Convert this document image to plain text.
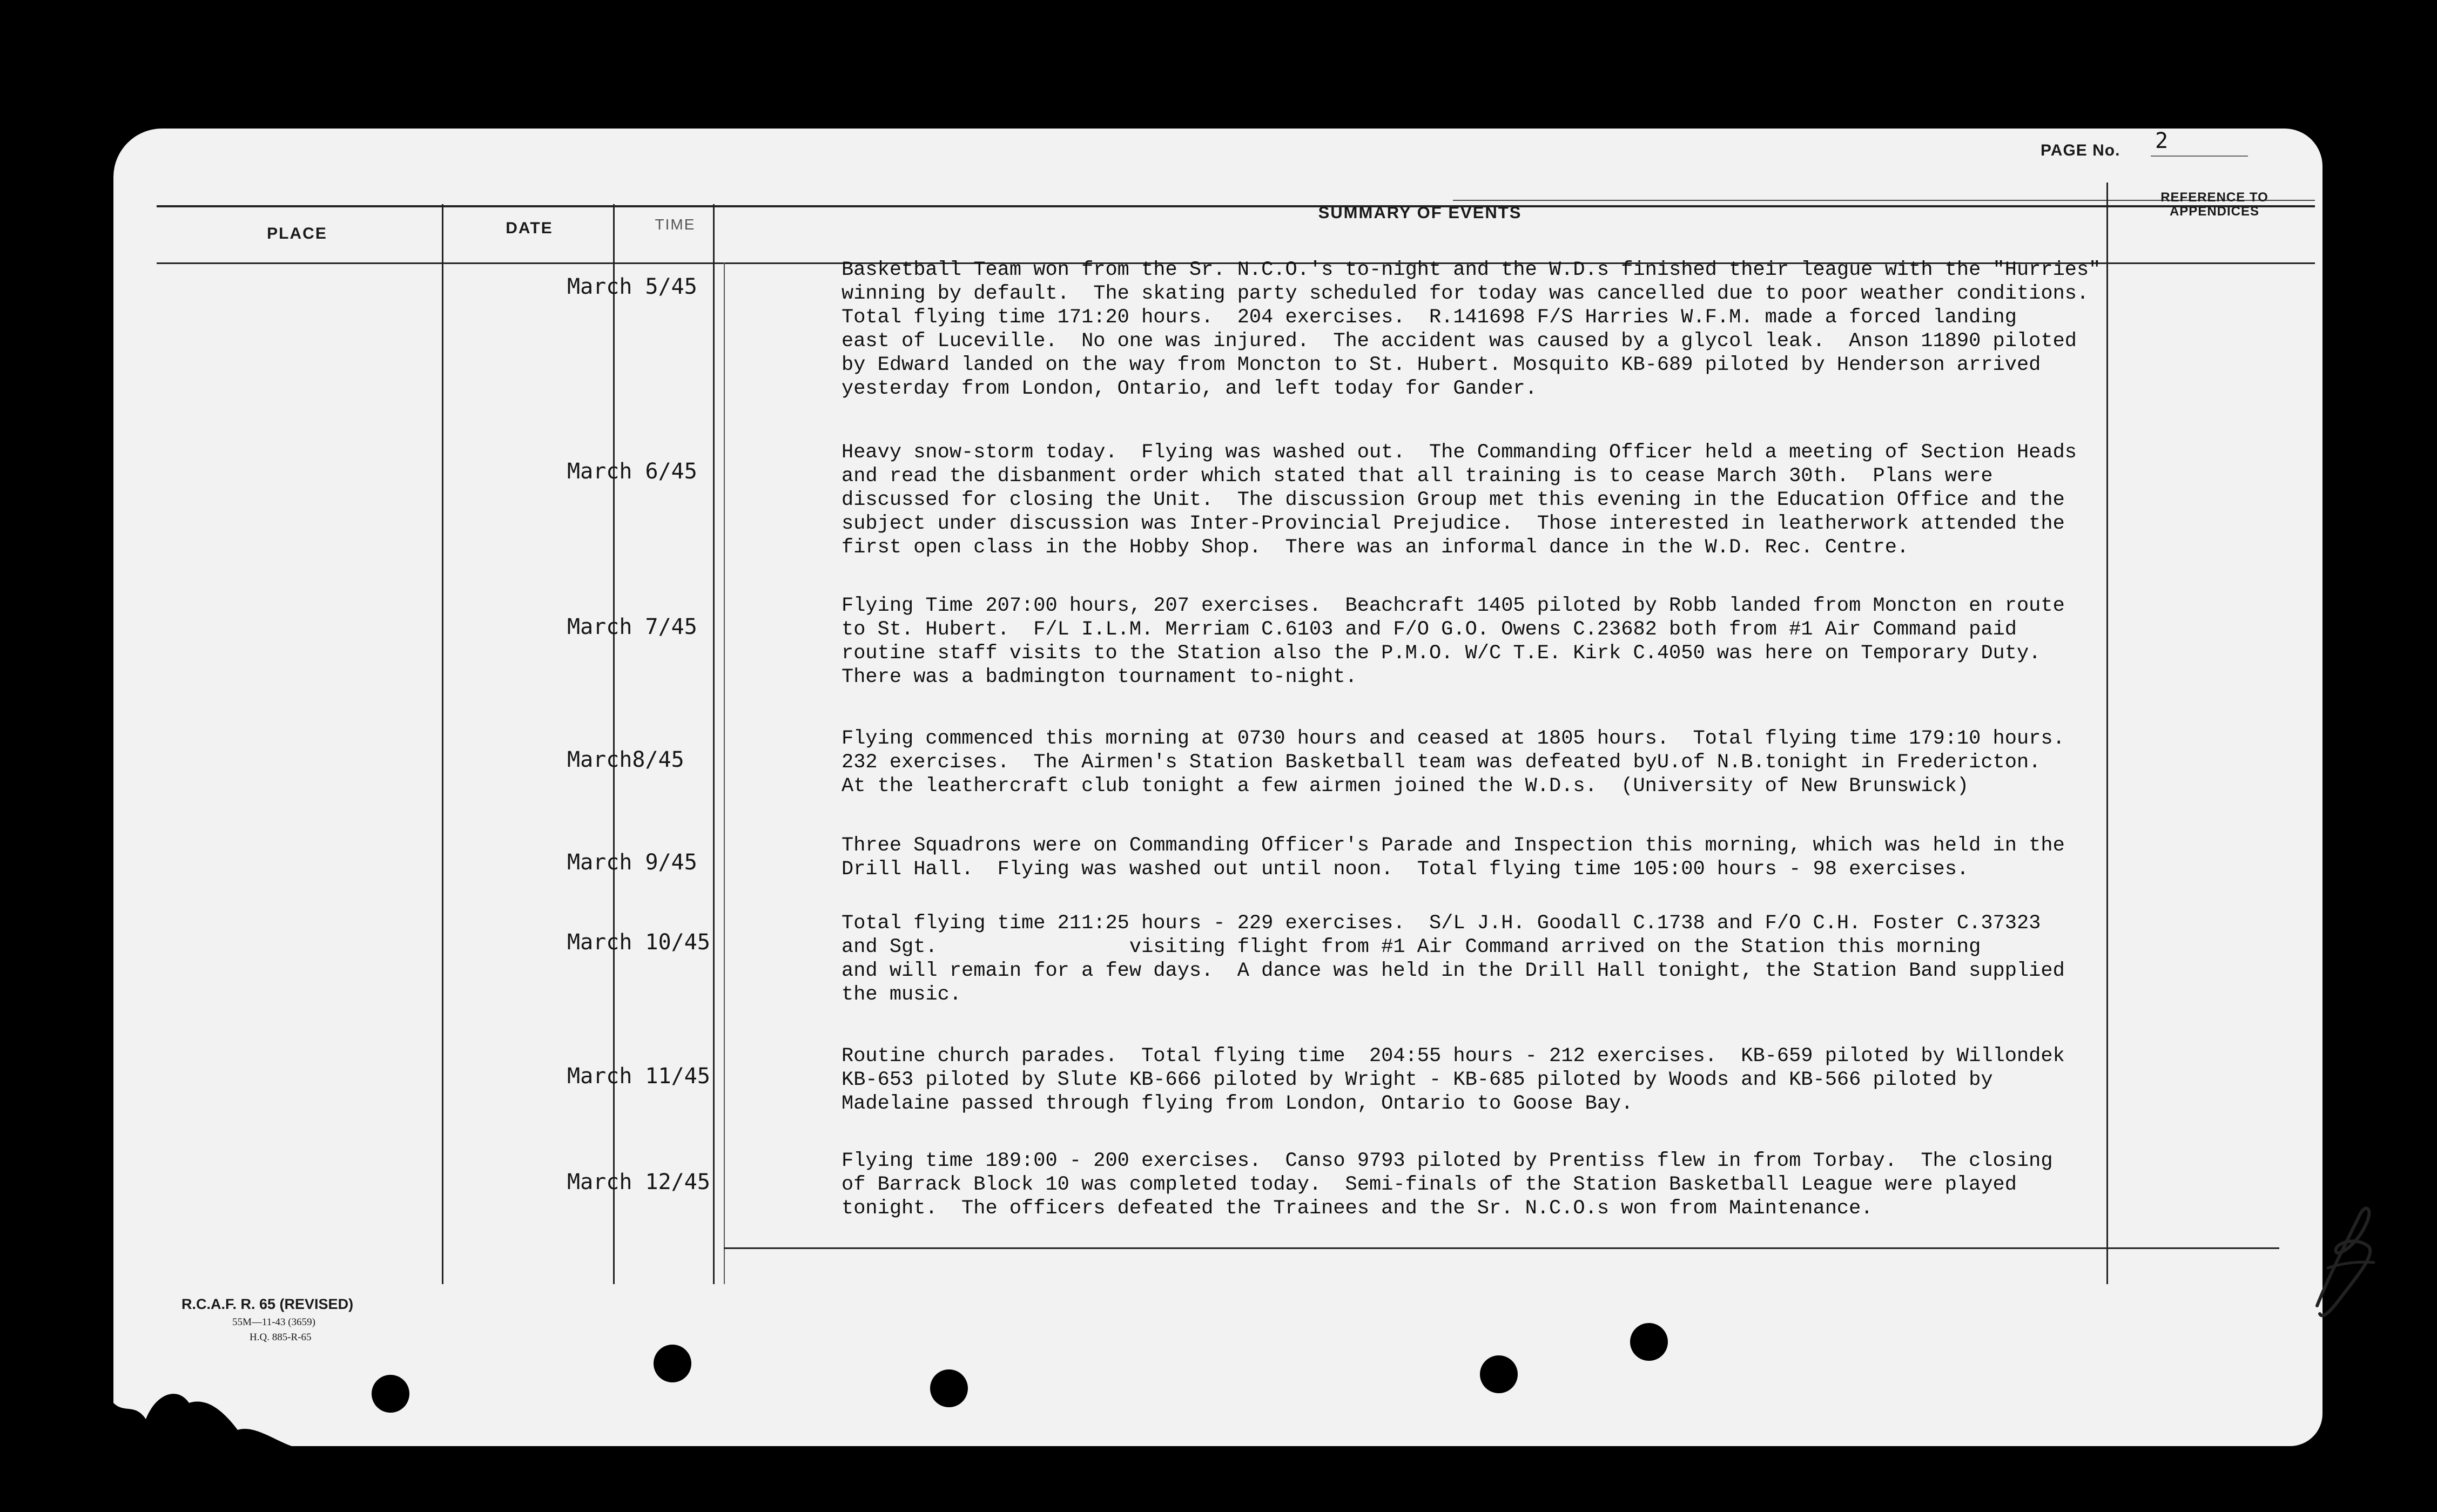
PAGE No. 2
PLACE	DATE	TIME
SUMMARY OF EVENTS
REFERENCE TO
APPENDICES
March 5/45
Basketball Team won from the Sr. N.C.O.'s to-night and the W.D.s finished their league with the "Hurries"
winning by default.  The skating party scheduled for today was cancelled due to poor weather conditions.
Total flying time 171:20 hours.  204 exercises.  R.141698 F/S Harries W.F.M. made a forced landing
east of Luceville.  No one was injured.  The accident was caused by a glycol leak.  Anson 11890 piloted
by Edward landed on the way from Moncton to St. Hubert. Mosquito KB-689 piloted by Henderson arrived
yesterday from London, Ontario, and left today for Gander.
March 6/45
Heavy snow-storm today.  Flying was washed out.  The Commanding Officer held a meeting of Section Heads
and read the disbanment order which stated that all training is to cease March 30th.  Plans were
discussed for closing the Unit.  The discussion Group met this evening in the Education Office and the
subject under discussion was Inter-Provincial Prejudice.  Those interested in leatherwork attended the
first open class in the Hobby Shop.  There was an informal dance in the W.D. Rec. Centre.
March 7/45
Flying Time 207:00 hours, 207 exercises.  Beachcraft 1405 piloted by Robb landed from Moncton en route
to St. Hubert.  F/L I.L.M. Merriam C.6103 and F/O G.O. Owens C.23682 both from #1 Air Command paid
routine staff visits to the Station also the P.M.O. W/C T.E. Kirk C.4050 was here on Temporary Duty.
There was a badmington tournament to-night.
March8/45
Flying commenced this morning at 0730 hours and ceased at 1805 hours.  Total flying time 179:10 hours.
232 exercises.  The Airmen's Station Basketball team was defeated byU.of N.B.tonight in Fredericton.
At the leathercraft club tonight a few airmen joined the W.D.s.  (University of New Brunswick)
March 9/45
Three Squadrons were on Commanding Officer's Parade and Inspection this morning, which was held in the
Drill Hall.  Flying was washed out until noon.  Total flying time 105:00 hours - 98 exercises.
March 10/45
Total flying time 211:25 hours - 229 exercises.  S/L J.H. Goodall C.1738 and F/O C.H. Foster C.37323
and Sgt.                visiting flight from #1 Air Command arrived on the Station this morning
and will remain for a few days.  A dance was held in the Drill Hall tonight, the Station Band supplied
the music.
March 11/45
Routine church parades.  Total flying time  204:55 hours - 212 exercises.  KB-659 piloted by Willondek
KB-653 piloted by Slute KB-666 piloted by Wright - KB-685 piloted by Woods and KB-566 piloted by
Madelaine passed through flying from London, Ontario to Goose Bay.
March 12/45
Flying time 189:00 - 200 exercises.  Canso 9793 piloted by Prentiss flew in from Torbay.  The closing
of Barrack Block 10 was completed today.  Semi-finals of the Station Basketball League were played
tonight.  The officers defeated the Trainees and the Sr. N.C.O.s won from Maintenance.
R.C.A.F. R. 65 (REVISED)
55M—11-43 (3659)
H.Q. 885-R-65
